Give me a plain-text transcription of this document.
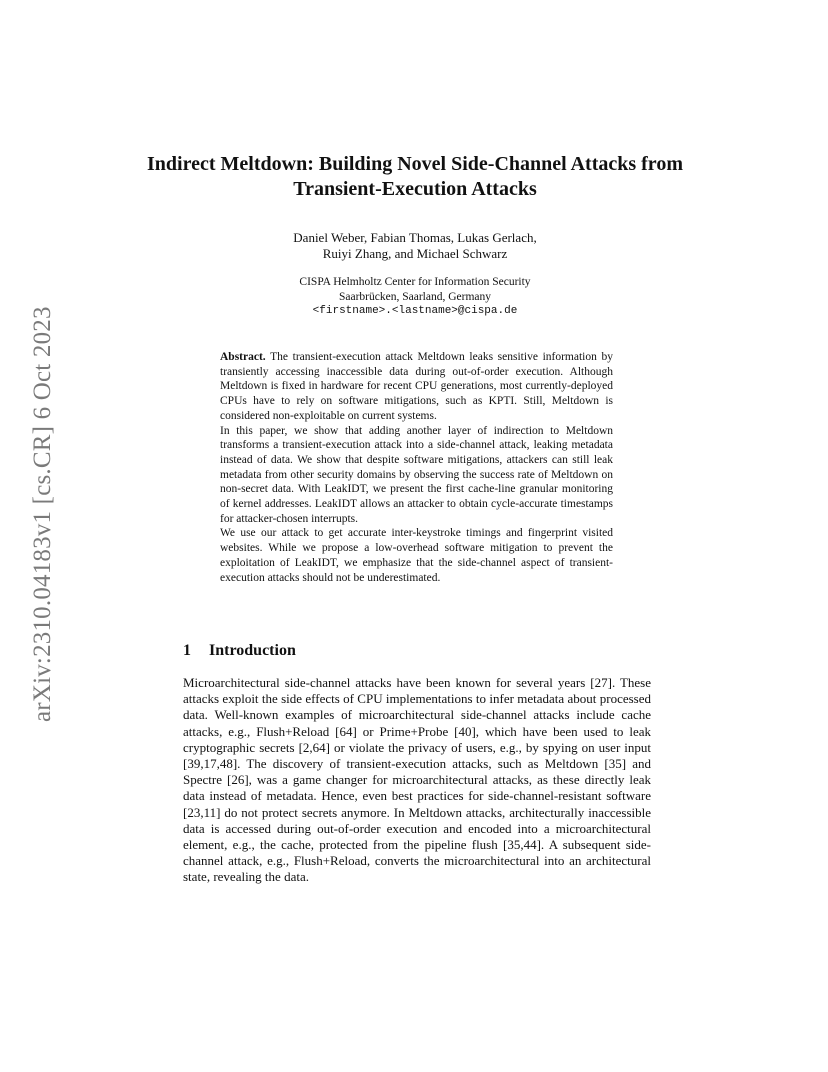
arXiv:2310.04183v1 [cs.CR] 6 Oct 2023
Indirect Meltdown: Building Novel Side-Channel Attacks from Transient-Execution Attacks
Daniel Weber, Fabian Thomas, Lukas Gerlach,
Ruiyi Zhang, and Michael Schwarz
CISPA Helmholtz Center for Information Security
Saarbrücken, Saarland, Germany
<firstname>.<lastname>@cispa.de

Abstract. The transient-execution attack Meltdown leaks sensitive information by transiently accessing inaccessible data during out-of-order execution. Although Meltdown is fixed in hardware for recent CPU generations, most currently-deployed CPUs have to rely on software mitigations, such as KPTI. Still, Meltdown is considered non-exploitable on current systems.

In this paper, we show that adding another layer of indirection to Meltdown transforms a transient-execution attack into a side-channel attack, leaking metadata instead of data. We show that despite software mitigations, attackers can still leak metadata from other security domains by observing the success rate of Meltdown on non-secret data. With LeakIDT, we present the first cache-line granular monitoring of kernel addresses. LeakIDT allows an attacker to obtain cycle-accurate timestamps for attacker-chosen interrupts.

We use our attack to get accurate inter-keystroke timings and fingerprint visited websites. While we propose a low-overhead software mitigation to prevent the exploitation of LeakIDT, we emphasize that the side-channel aspect of transient-execution attacks should not be underestimated.

1 Introduction
Microarchitectural side-channel attacks have been known for several years [27]. These attacks exploit the side effects of CPU implementations to infer metadata about processed data. Well-known examples of microarchitectural side-channel attacks include cache attacks, e.g., Flush+Reload [64] or Prime+Probe [40], which have been used to leak cryptographic secrets [2,64] or violate the privacy of users, e.g., by spying on user input [39,17,48]. The discovery of transient-execution attacks, such as Meltdown [35] and Spectre [26], was a game changer for microarchitectural attacks, as these directly leak data instead of metadata. Hence, even best practices for side-channel-resistant software [23,11] do not protect secrets anymore. In Meltdown attacks, architecturally inaccessible data is accessed during out-of-order execution and encoded into a microarchitectural element, e.g., the cache, protected from the pipeline flush [35,44]. A subsequent side-channel attack, e.g., Flush+Reload, converts the microarchitectural into an architectural state, revealing the data.
